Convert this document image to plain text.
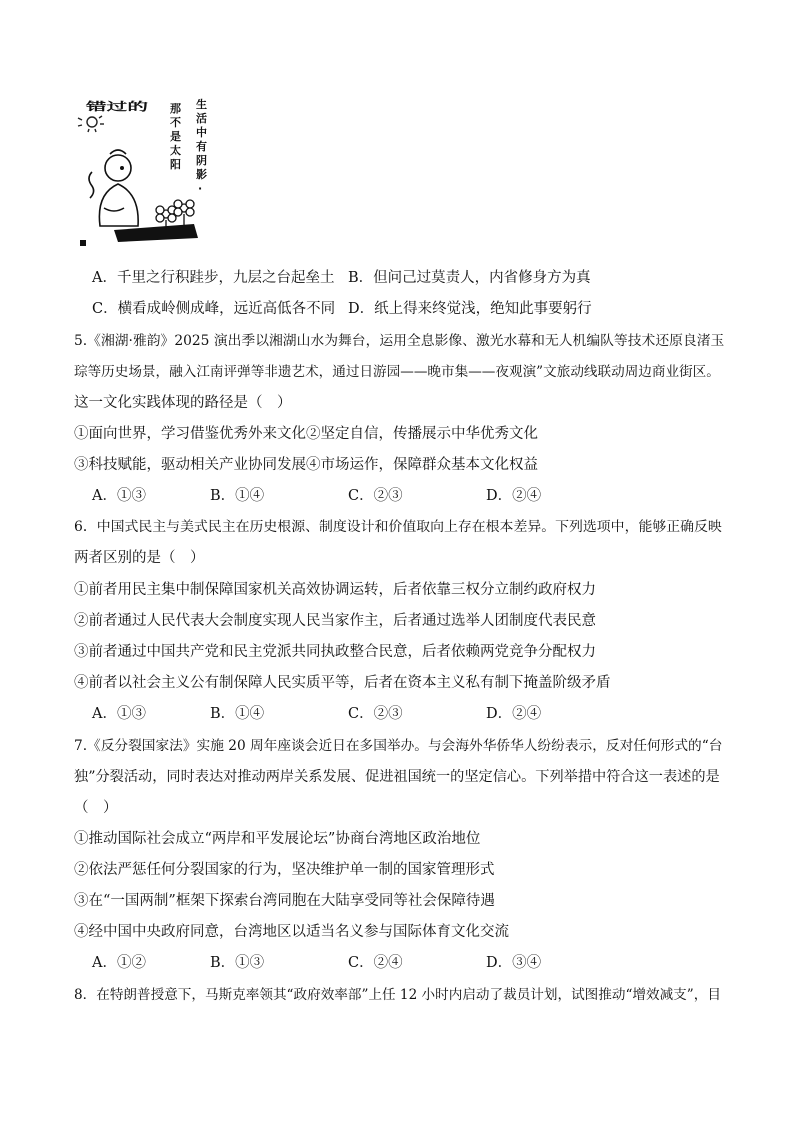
错过的	那
不
是
太
阳
生
活
中
有
阴
影
·
A．千里之行积跬步，九层之台起垒土 B．但问己过莫责人，内省修身方为真
C．横看成岭侧成峰，远近高低各不同 D．纸上得来终觉浅，绝知此事要躬行
5.《湘湖·雅韵》2025 演出季以湘湖山水为舞台，运用全息影像、激光水幕和无人机编队等技术还原良渚玉
琮等历史场景，融入江南评弹等非遗艺术，通过日游园——晚市集——夜观演”文旅动线联动周边商业街区。
这一文化实践体现的路径是（　）
①面向世界，学习借鉴优秀外来文化②坚定自信，传播展示中华优秀文化
③科技赋能，驱动相关产业协同发展④市场运作，保障群众基本文化权益
A．①③	B．①④	C．②③	D．②④
6．中国式民主与美式民主在历史根源、制度设计和价值取向上存在根本差异。下列选项中，能够正确反映
两者区别的是（　）
①前者用民主集中制保障国家机关高效协调运转，后者依靠三权分立制约政府权力
②前者通过人民代表大会制度实现人民当家作主，后者通过选举人团制度代表民意
③前者通过中国共产党和民主党派共同执政整合民意，后者依赖两党竞争分配权力
④前者以社会主义公有制保障人民实质平等，后者在资本主义私有制下掩盖阶级矛盾
A．①③	B．①④	C．②③	D．②④
7.《反分裂国家法》实施 20 周年座谈会近日在多国举办。与会海外华侨华人纷纷表示，反对任何形式的“台
独”分裂活动，同时表达对推动两岸关系发展、促进祖国统一的坚定信心。下列举措中符合这一表述的是
（　）
①推动国际社会成立“两岸和平发展论坛”协商台湾地区政治地位
②依法严惩任何分裂国家的行为，坚决维护单一制的国家管理形式
③在“一国两制”框架下探索台湾同胞在大陆享受同等社会保障待遇
④经中国中央政府同意，台湾地区以适当名义参与国际体育文化交流
A．①②	B．①③	C．②④	D．③④
8．在特朗普授意下，马斯克率领其“政府效率部”上任 12 小时内启动了裁员计划，试图推动“增效减支”，目
